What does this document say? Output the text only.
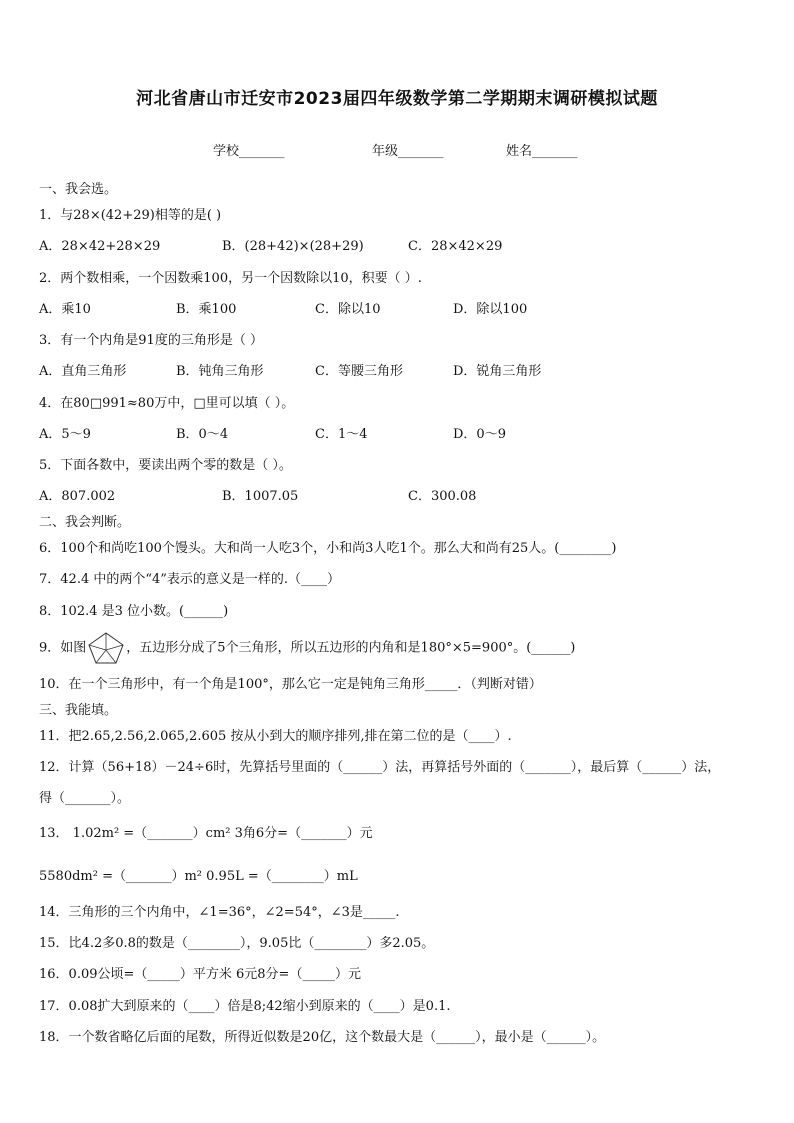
河北省唐山市迁安市2023届四年级数学第二学期期末调研模拟试题
学校_______	年级_______	姓名_______
一、我会选。
1．与28×(42+29)相等的是( )
A．28×42+28×29	B．(28+42)×(28+29)	C．28×42×29
2．两个数相乘，一个因数乘100，另一个因数除以10，积要（ ）.
A．乘10	B．乘100	C．除以10	D．除以100
3．有一个内角是91度的三角形是（ ）
A．直角三角形	B．钝角三角形	C．等腰三角形	D．锐角三角形
4．在80□991≈80万中，□里可以填（ ）。
A．5～9	B．0～4	C．1～4	D．0～9
5．下面各数中，要读出两个零的数是（ ）。
A．807.002	B．1007.05	C．300.08
二、我会判断。
6．100个和尚吃100个馒头。大和尚一人吃3个，小和尚3人吃1个。那么大和尚有25人。(________)
7．42.4 中的两个“4”表示的意义是一样的.（____）
8．102.4 是3 位小数。(______)
9．如图	，五边形分成了5个三角形，所以五边形的内角和是180°×5=900°。(______)
10．在一个三角形中，有一个角是100°，那么它一定是钝角三角形_____．（判断对错）
三、我能填。
11．把2.65,2.56,2.065,2.605 按从小到大的顺序排列,排在第二位的是（____）.
12．计算（56+18）－24÷6时，先算括号里面的（______）法，再算括号外面的（_______），最后算（______）法，
得（_______）。
13． 1.02m² =（_______）cm² 3角6分=（_______）元
5580dm² =（_______）m² 0.95L =（________）mL
14．三角形的三个内角中，∠1=36°，∠2=54°，∠3是_____.
15．比4.2多0.8的数是（________），9.05比（________）多2.05。
16．0.09公顷=（_____）平方米 6元8分=（_____）元
17．0.08扩大到原来的（____）倍是8;42缩小到原来的（____）是0.1.
18．一个数省略亿后面的尾数，所得近似数是20亿，这个数最大是（______），最小是（______）。
